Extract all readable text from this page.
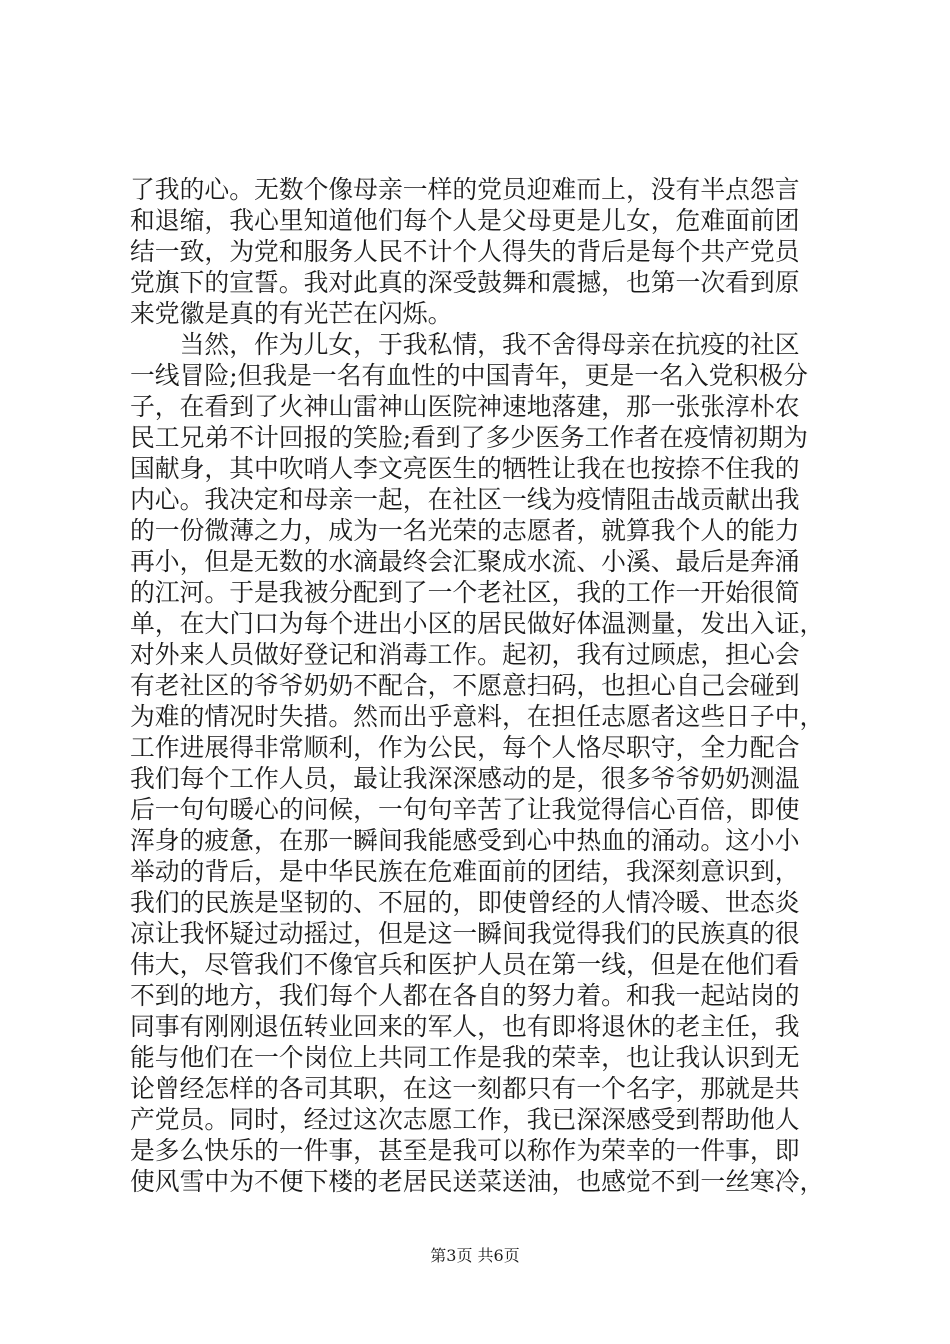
了我的心。无数个像母亲一样的党员迎难而上，没有半点怨言
和退缩，我心里知道他们每个人是父母更是儿女，危难面前团
结一致，为党和服务人民不计个人得失的背后是每个共产党员
党旗下的宣誓。我对此真的深受鼓舞和震撼，也第一次看到原
来党徽是真的有光芒在闪烁。
　　当然，作为儿女，于我私情，我不舍得母亲在抗疫的社区
一线冒险;但我是一名有血性的中国青年，更是一名入党积极分
子，在看到了火神山雷神山医院神速地落建，那一张张淳朴农
民工兄弟不计回报的笑脸;看到了多少医务工作者在疫情初期为
国献身，其中吹哨人李文亮医生的牺牲让我在也按捺不住我的
内心。我决定和母亲一起，在社区一线为疫情阻击战贡献出我
的一份微薄之力，成为一名光荣的志愿者，就算我个人的能力
再小，但是无数的水滴最终会汇聚成水流、小溪、最后是奔涌
的江河。于是我被分配到了一个老社区，我的工作一开始很简
单，在大门口为每个进出小区的居民做好体温测量，发出入证，
对外来人员做好登记和消毒工作。起初，我有过顾虑，担心会
有老社区的爷爷奶奶不配合，不愿意扫码，也担心自己会碰到
为难的情况时失措。然而出乎意料，在担任志愿者这些日子中，
工作进展得非常顺利，作为公民，每个人恪尽职守，全力配合
我们每个工作人员，最让我深深感动的是，很多爷爷奶奶测温
后一句句暖心的问候，一句句辛苦了让我觉得信心百倍，即使
浑身的疲惫，在那一瞬间我能感受到心中热血的涌动。这小小
举动的背后，是中华民族在危难面前的团结，我深刻意识到，
我们的民族是坚韧的、不屈的，即使曾经的人情冷暖、世态炎
凉让我怀疑过动摇过，但是这一瞬间我觉得我们的民族真的很
伟大，尽管我们不像官兵和医护人员在第一线，但是在他们看
不到的地方，我们每个人都在各自的努力着。和我一起站岗的
同事有刚刚退伍转业回来的军人，也有即将退休的老主任，我
能与他们在一个岗位上共同工作是我的荣幸，也让我认识到无
论曾经怎样的各司其职，在这一刻都只有一个名字，那就是共
产党员。同时，经过这次志愿工作，我已深深感受到帮助他人
是多么快乐的一件事，甚至是我可以称作为荣幸的一件事，即
使风雪中为不便下楼的老居民送菜送油，也感觉不到一丝寒冷，
第3页 共6页
